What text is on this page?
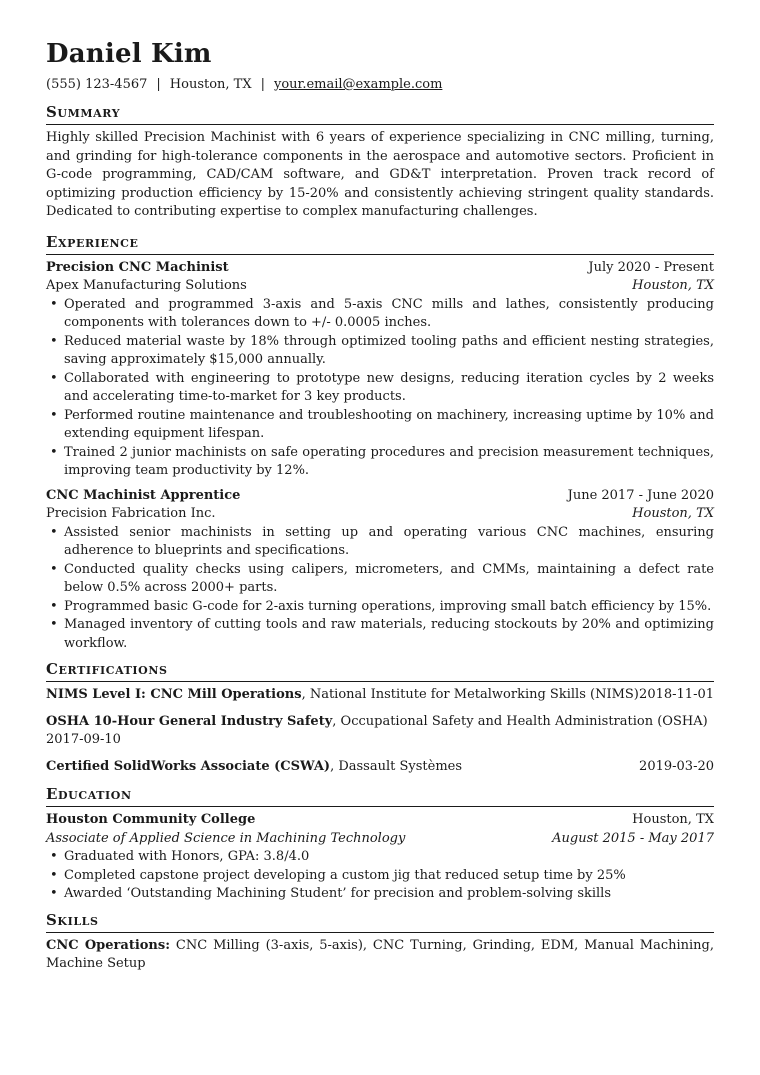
Daniel Kim
(555) 123-4567 | Houston, TX | your.email@example.com
Summary
Highly skilled Precision Machinist with 6 years of experience specializing in CNC milling, turning, and grinding for high-tolerance components in the aerospace and automotive sectors. Proficient in G-code programming, CAD/CAM software, and GD&T interpretation. Proven track record of optimizing production efficiency by 15-20% and consistently achieving stringent quality standards. Dedicated to contributing expertise to complex manufacturing challenges.
Experience
Precision CNC Machinist	July 2020 - Present
Apex Manufacturing Solutions	Houston, TX
• Operated and programmed 3-axis and 5-axis CNC mills and lathes, consistently producing components with tolerances down to +/- 0.0005 inches.
• Reduced material waste by 18% through optimized tooling paths and efficient nesting strategies, saving approximately $15,000 annually.
• Collaborated with engineering to prototype new designs, reducing iteration cycles by 2 weeks and accelerating time-to-market for 3 key products.
• Performed routine maintenance and troubleshooting on machinery, increasing uptime by 10% and extending equipment lifespan.
• Trained 2 junior machinists on safe operating procedures and precision measurement techniques, improving team productivity by 12%.
CNC Machinist Apprentice	June 2017 - June 2020
Precision Fabrication Inc.	Houston, TX
• Assisted senior machinists in setting up and operating various CNC machines, ensuring adherence to blueprints and specifications.
• Conducted quality checks using calipers, micrometers, and CMMs, maintaining a defect rate below 0.5% across 2000+ parts.
• Programmed basic G-code for 2-axis turning operations, improving small batch efficiency by 15%.
• Managed inventory of cutting tools and raw materials, reducing stockouts by 20% and optimizing workflow.
Certifications
NIMS Level I: CNC Mill Operations, National Institute for Metalworking Skills (NIMS) 2018-11-01
OSHA 10-Hour General Industry Safety, Occupational Safety and Health Administration (OSHA)
2017-09-10
Certified SolidWorks Associate (CSWA), Dassault Systèmes	2019-03-20
Education
Houston Community College	Houston, TX
Associate of Applied Science in Machining Technology	August 2015 - May 2017
• Graduated with Honors, GPA: 3.8/4.0
• Completed capstone project developing a custom jig that reduced setup time by 25%
• Awarded ‘Outstanding Machining Student’ for precision and problem-solving skills
Skills
CNC Operations: CNC Milling (3-axis, 5-axis), CNC Turning, Grinding, EDM, Manual Machining, Machine Setup
